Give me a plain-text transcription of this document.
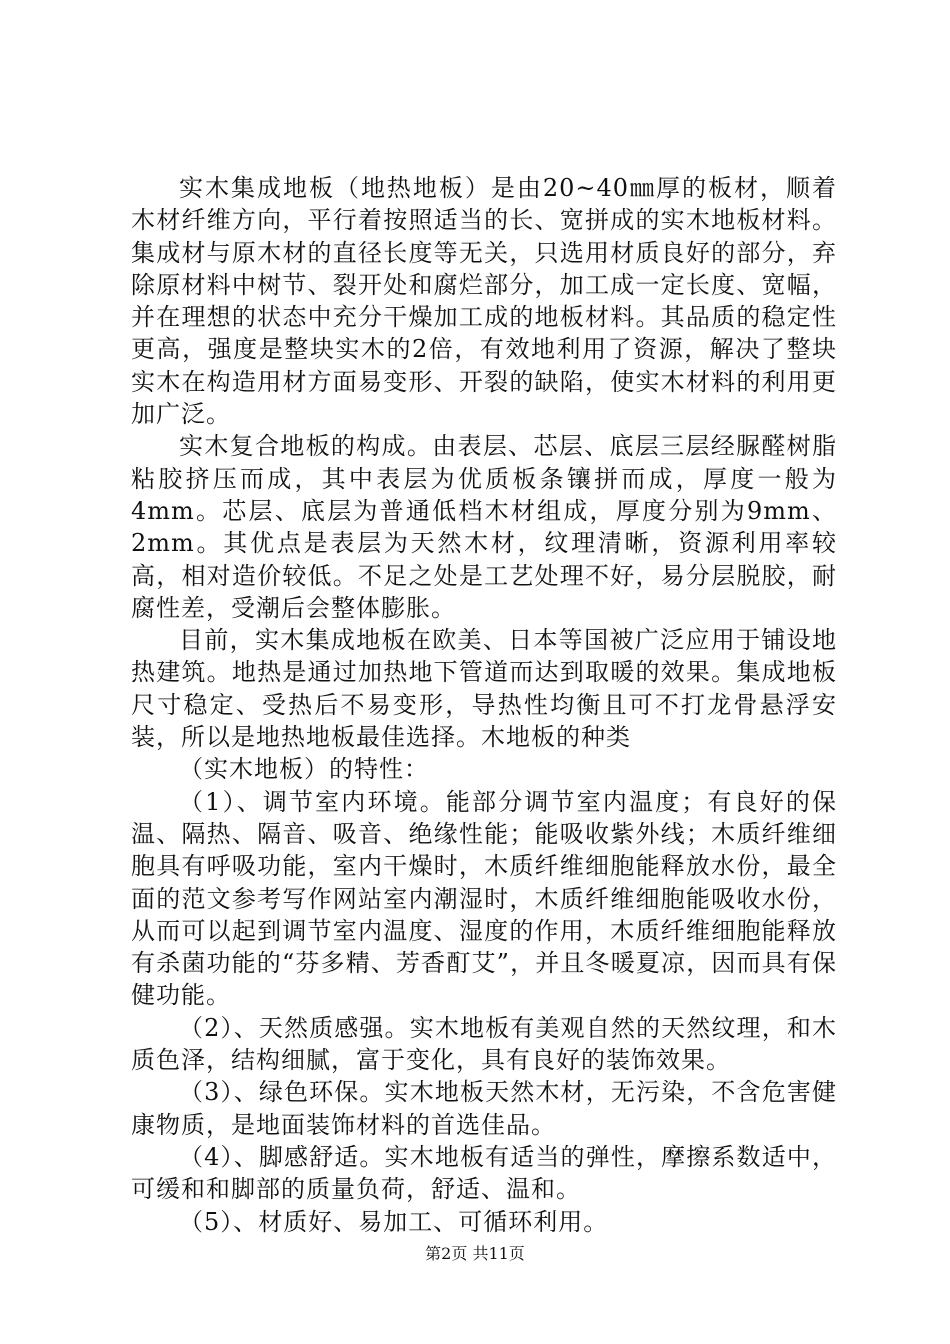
实木集成地板（地热地板）是由20~40㎜厚的板材，顺着木材纤维方向，平行着按照适当的长、宽拼成的实木地板材料。集成材与原木材的直径长度等无关，只选用材质良好的部分，弃除原材料中树节、裂开处和腐烂部分，加工成一定长度、宽幅，并在理想的状态中充分干燥加工成的地板材料。其品质的稳定性更高，强度是整块实木的2倍，有效地利用了资源，解决了整块实木在构造用材方面易变形、开裂的缺陷，使实木材料的利用更加广泛。

实木复合地板的构成。由表层、芯层、底层三层经脲醛树脂粘胶挤压而成，其中表层为优质板条镶拼而成，厚度一般为4mm。芯层、底层为普通低档木材组成，厚度分别为9mm、2mm。其优点是表层为天然木材，纹理清晰，资源利用率较高，相对造价较低。不足之处是工艺处理不好，易分层脱胶，耐腐性差，受潮后会整体膨胀。

目前，实木集成地板在欧美、日本等国被广泛应用于铺设地热建筑。地热是通过加热地下管道而达到取暖的效果。集成地板尺寸稳定、受热后不易变形，导热性均衡且可不打龙骨悬浮安装，所以是地热地板最佳选择。木地板的种类

（实木地板）的特性：

（1）、调节室内环境。能部分调节室内温度；有良好的保温、隔热、隔音、吸音、绝缘性能；能吸收紫外线；木质纤维细胞具有呼吸功能，室内干燥时，木质纤维细胞能释放水份，最全面的范文参考写作网站室内潮湿时，木质纤维细胞能吸收水份，从而可以起到调节室内温度、湿度的作用，木质纤维细胞能释放有杀菌功能的“芬多精、芳香酊艾”，并且冬暖夏凉，因而具有保健功能。

（2）、天然质感强。实木地板有美观自然的天然纹理，和木质色泽，结构细腻，富于变化，具有良好的装饰效果。

（3）、绿色环保。实木地板天然木材，无污染，不含危害健康物质，是地面装饰材料的首选佳品。

（4）、脚感舒适。实木地板有适当的弹性，摩擦系数适中，可缓和和脚部的质量负荷，舒适、温和。

（5）、材质好、易加工、可循环利用。

第2页 共11页
